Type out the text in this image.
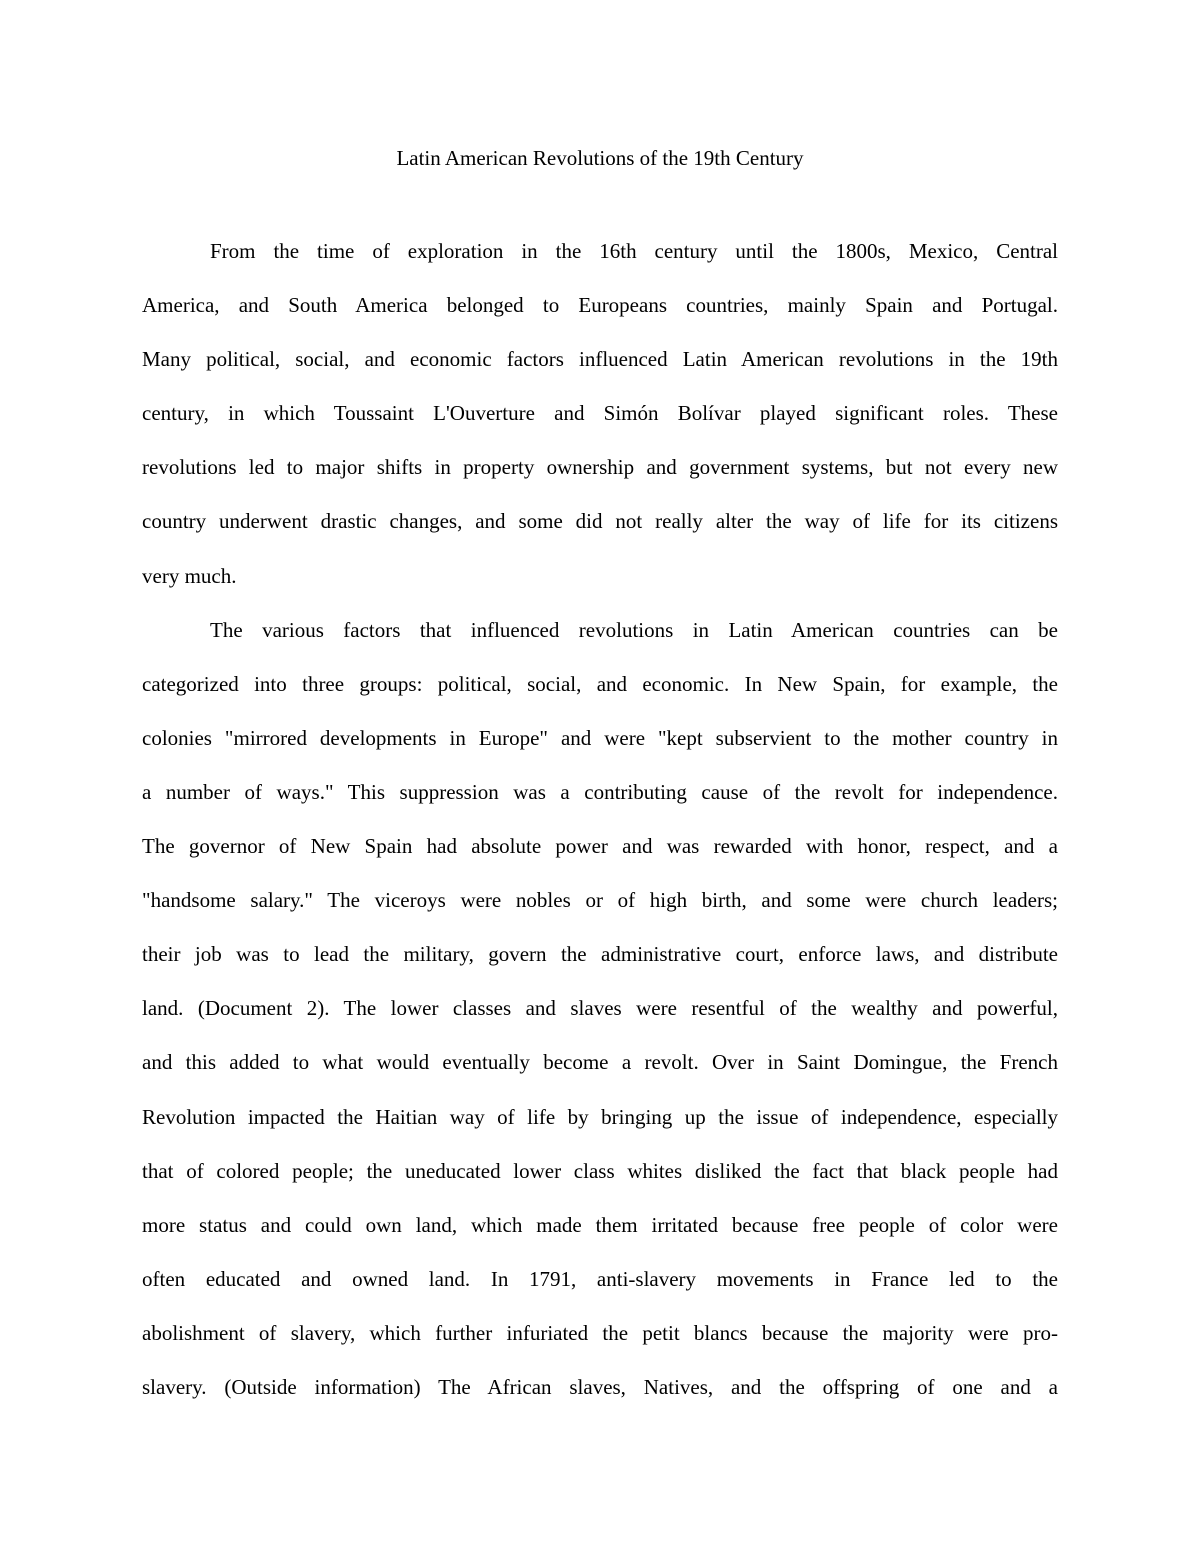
Latin American Revolutions of the 19th Century
From the time of exploration in the 16th century until the 1800s, Mexico, Central
America, and South America belonged to Europeans countries, mainly Spain and Portugal.
Many political, social, and economic factors influenced Latin American revolutions in the 19th
century, in which Toussaint L'Ouverture and Simón Bolívar played significant roles. These
revolutions led to major shifts in property ownership and government systems, but not every new
country underwent drastic changes, and some did not really alter the way of life for its citizens
very much.
The various factors that influenced revolutions in Latin American countries can be
categorized into three groups: political, social, and economic. In New Spain, for example, the
colonies "mirrored developments in Europe" and were "kept subservient to the mother country in
a number of ways." This suppression was a contributing cause of the revolt for independence.
The governor of New Spain had absolute power and was rewarded with honor, respect, and a
"handsome salary." The viceroys were nobles or of high birth, and some were church leaders;
their job was to lead the military, govern the administrative court, enforce laws, and distribute
land. (Document 2). The lower classes and slaves were resentful of the wealthy and powerful,
and this added to what would eventually become a revolt. Over in Saint Domingue, the French
Revolution impacted the Haitian way of life by bringing up the issue of independence, especially
that of colored people; the uneducated lower class whites disliked the fact that black people had
more status and could own land, which made them irritated because free people of color were
often educated and owned land. In 1791, anti-slavery movements in France led to the
abolishment of slavery, which further infuriated the petit blancs because the majority were pro-
slavery. (Outside information) The African slaves, Natives, and the offspring of one and a
